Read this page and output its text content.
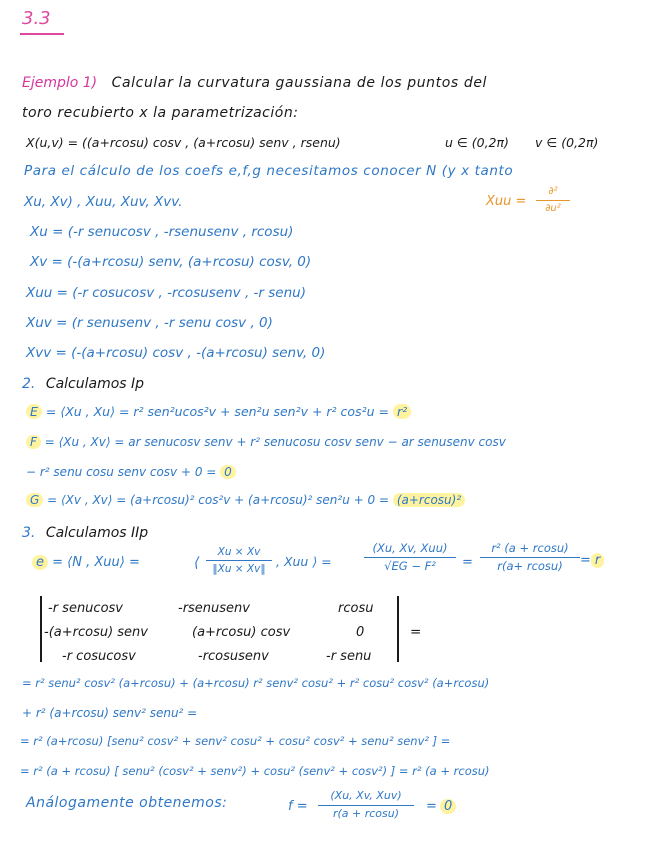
3.3
Ejemplo 1) Calcular la curvatura gaussiana de los puntos del
toro recubierto x la parametrización:
X(u,v) = ((a+rcosu) cosv , (a+rcosu) senv , rsenu)	u ∈ (0,2π) v ∈ (0,2π)
Para el cálculo de los coefs e,f,g necesitamos conocer N (y x tanto
Xu, Xv) , Xuu, Xuv, Xvv.	Xuu =
∂²
∂u²
Xu = (-r senucosv , -rsenusenv , rcosu)
Xv = (-(a+rcosu) senv, (a+rcosu) cosv, 0)
Xuu = (-r cosucosv , -rcosusenv , -r senu)
Xuv = (r senusenv , -r senu cosv , 0)
Xvv = (-(a+rcosu) cosv , -(a+rcosu) senv, 0)
2. Calculamos Ip
E = ⟨Xu , Xu⟩ = r² sen²ucos²v + sen²u sen²v + r² cos²u = r²
F = ⟨Xu , Xv⟩ = ar senucosv senv + r² senucosu cosv senv − ar senusenv cosv
− r² senu cosu senv cosv + 0 = 0
G = ⟨Xv , Xv⟩ = (a+rcosu)² cos²v + (a+rcosu)² sen²u + 0 = (a+rcosu)²
3. Calculamos IIp
e = ⟨N , Xuu⟩ =	⟨
Xu × Xv
‖Xu × Xv‖
, Xuu ⟩ =
(Xu, Xv, Xuu)
√EG − F²	=
r² (a + rcosu)
r(a+ rcosu)	= r
-r senucosv	-rsenusenv	rcosu
-(a+rcosu) senv	(a+rcosu) cosv	0
-r cosucosv	-rcosusenv	-r senu
=
= r² senu² cosv² (a+rcosu) + (a+rcosu) r² senv² cosu² + r² cosu² cosv² (a+rcosu)
+ r² (a+rcosu) senv² senu² =
= r² (a+rcosu) [senu² cosv² + senv² cosu² + cosu² cosv² + senu² senv² ] =
= r² (a + rcosu) [ senu² (cosv² + senv²) + cosu² (senv² + cosv²) ] = r² (a + rcosu)
Análogamente obtenemos:	f =
(Xu, Xv, Xuv)
r(a + rcosu)	= 0
